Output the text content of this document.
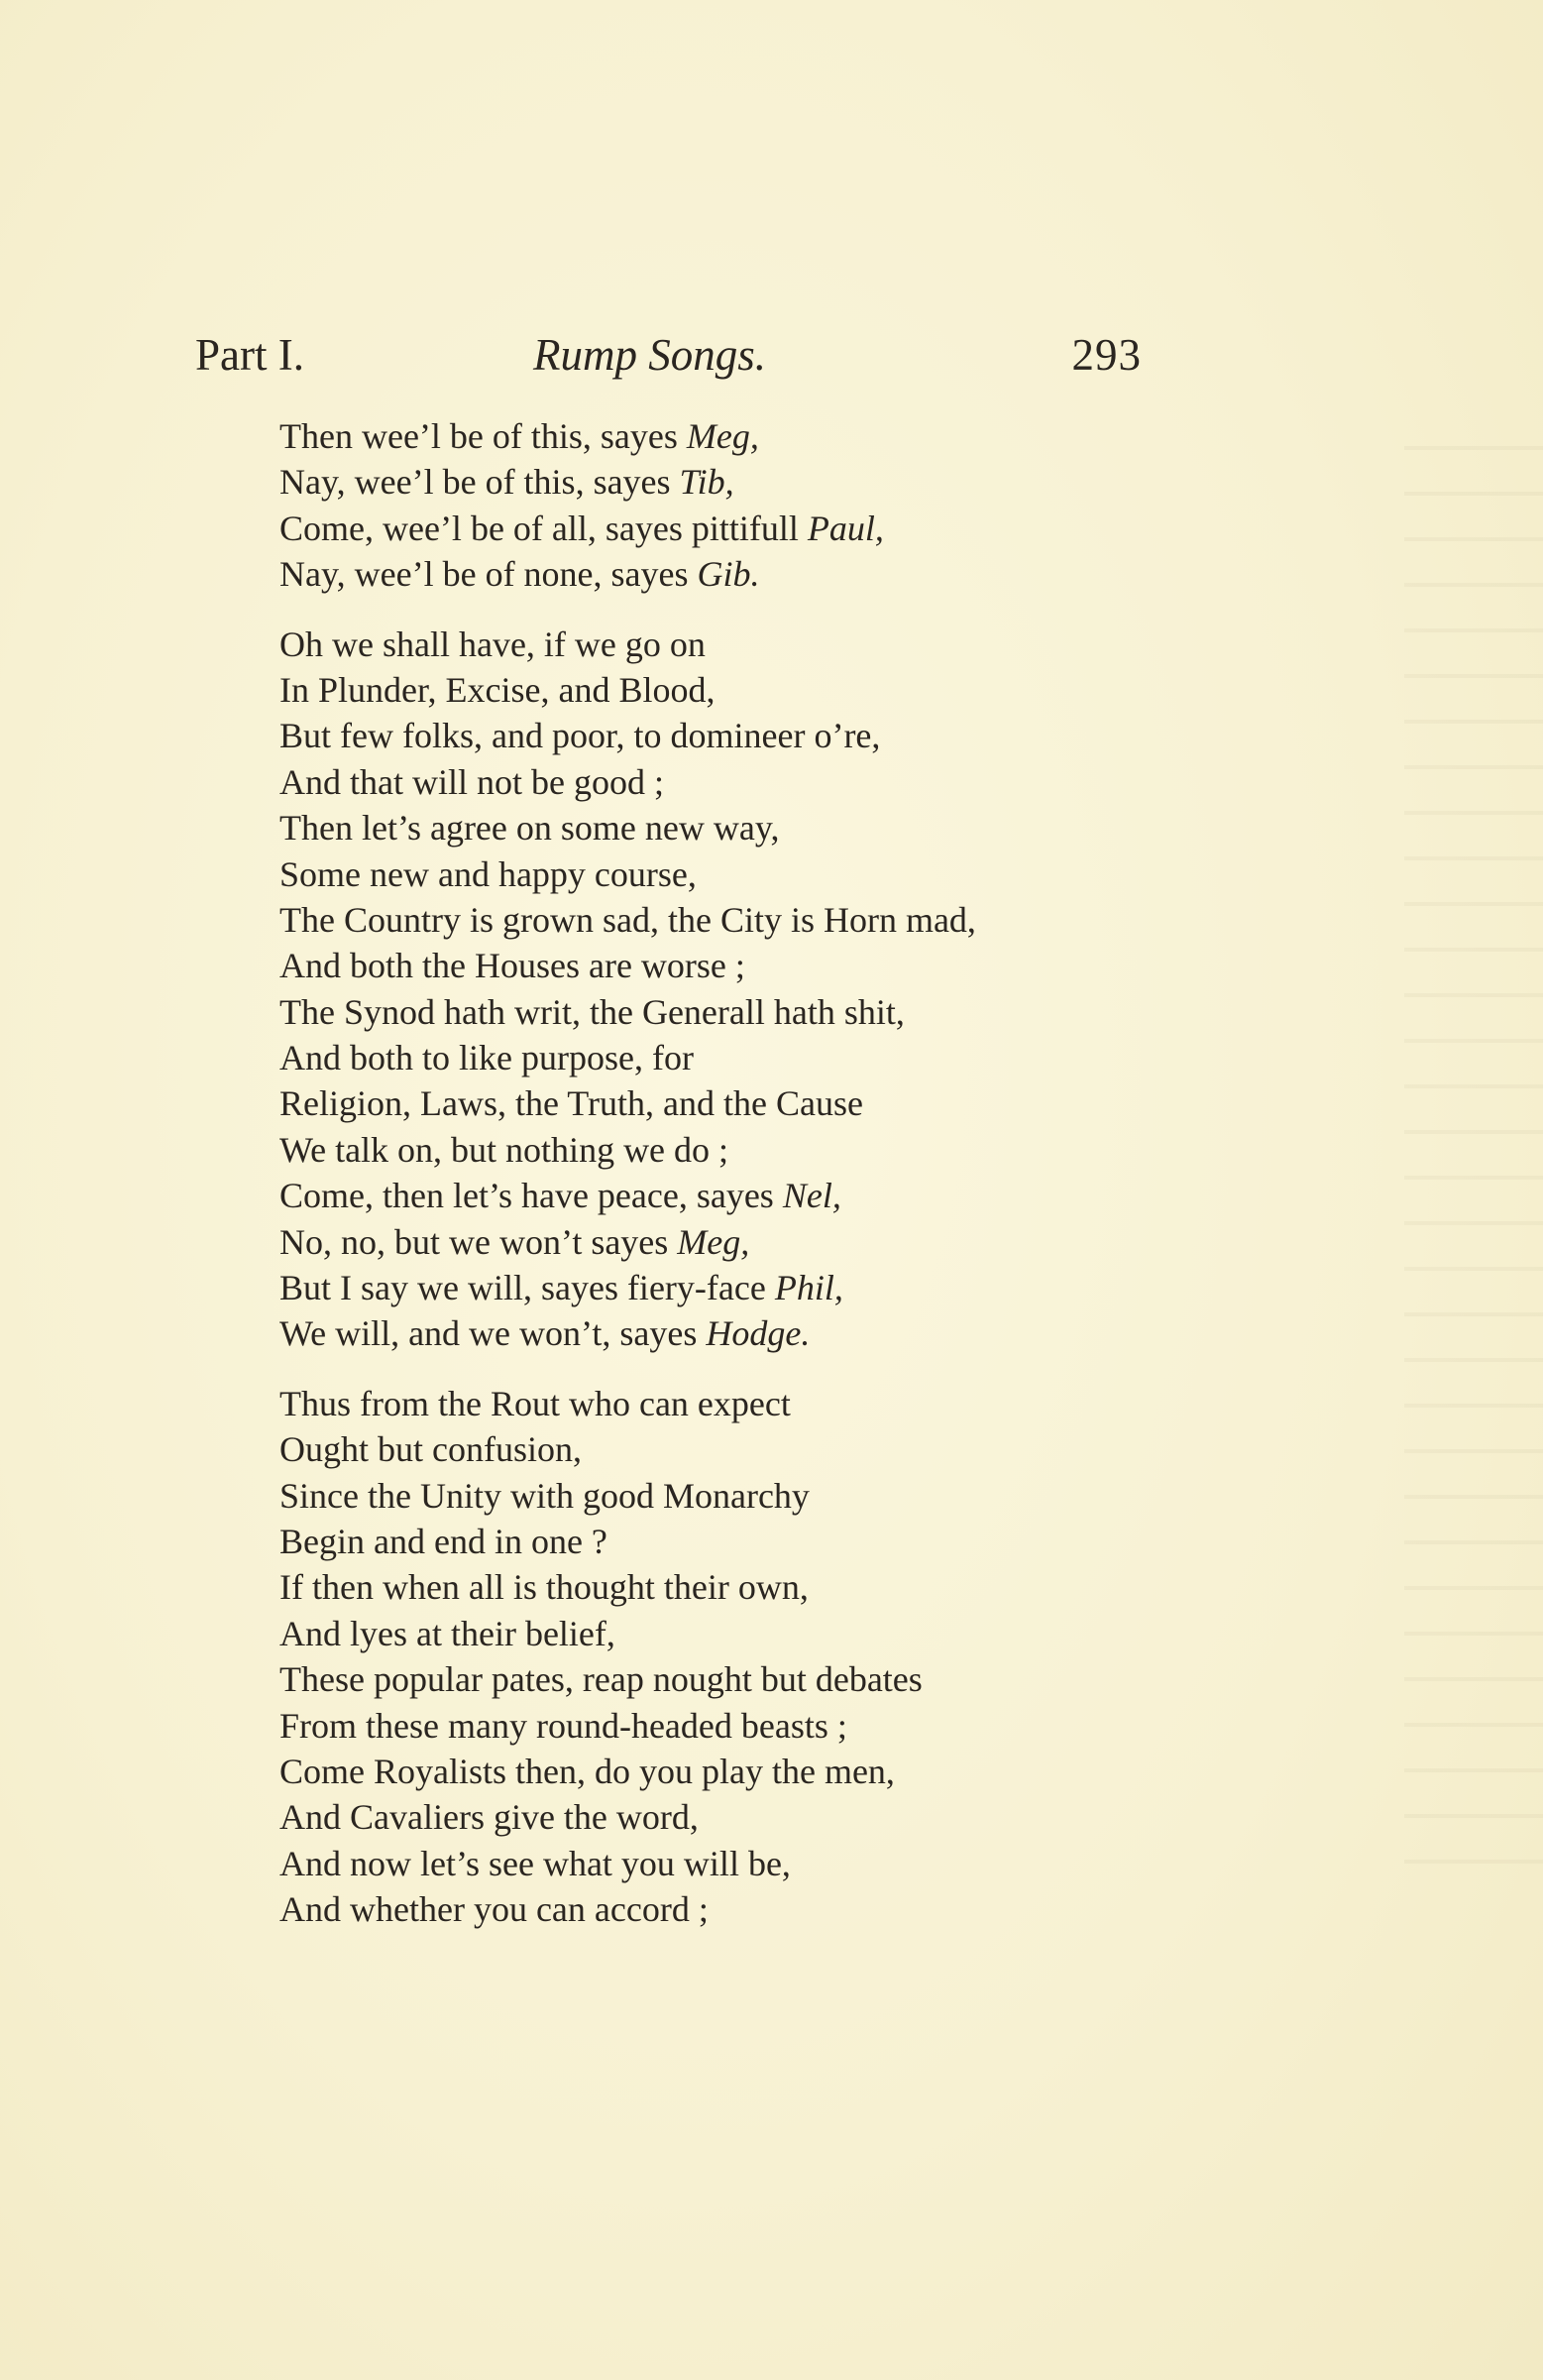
Part I.	Rump Songs.	293
Then wee’l be of this, sayes Meg,
Nay, wee’l be of this, sayes Tib,
Come, wee’l be of all, sayes pittifull Paul,
Nay, wee’l be of none, sayes Gib.
Oh we shall have, if we go on
In Plunder, Excise, and Blood,
But few folks, and poor, to domineer o’re,
And that will not be good ;
Then let’s agree on some new way,
Some new and happy course,
The Country is grown sad, the City is Horn mad,
And both the Houses are worse ;
The Synod hath writ, the Generall hath shit,
And both to like purpose, for
Religion, Laws, the Truth, and the Cause
We talk on, but nothing we do ;
Come, then let’s have peace, sayes Nel,
No, no, but we won’t sayes Meg,
But I say we will, sayes fiery-face Phil,
We will, and we won’t, sayes Hodge.
Thus from the Rout who can expect
Ought but confusion,
Since the Unity with good Monarchy
Begin and end in one ?
If then when all is thought their own,
And lyes at their belief,
These popular pates, reap nought but debates
From these many round-headed beasts ;
Come Royalists then, do you play the men,
And Cavaliers give the word,
And now let’s see what you will be,
And whether you can accord ;
